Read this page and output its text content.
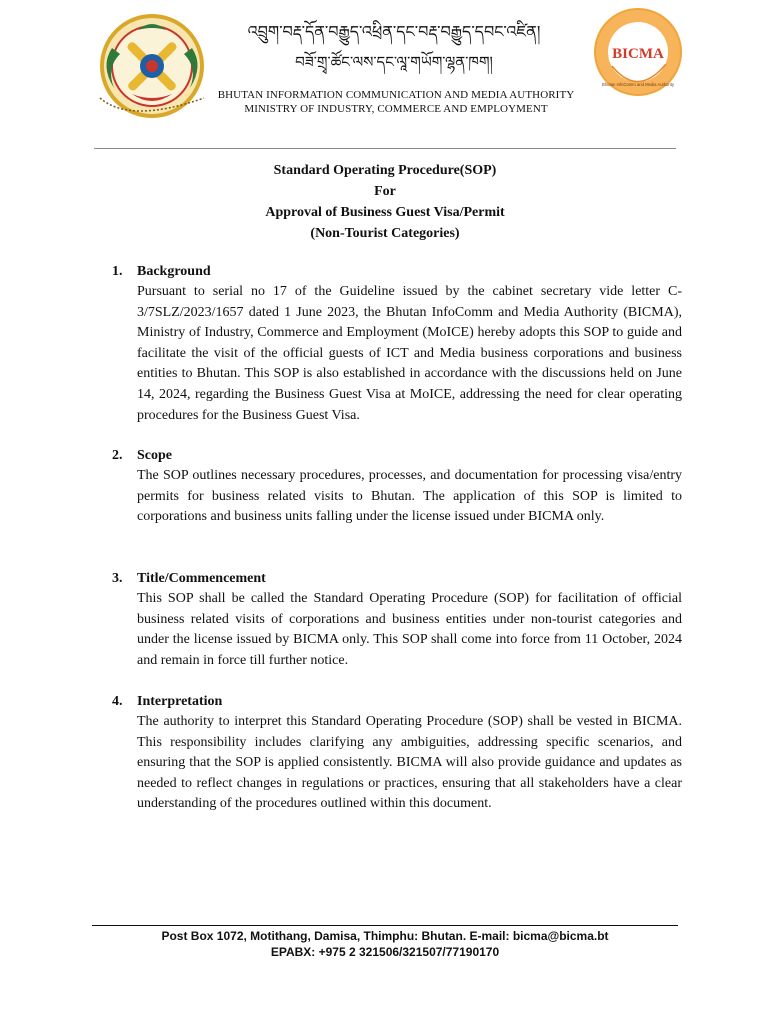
BICMA
Bhutan InfoComm and Media Authority
འབྲུག་བརྡ་དོན་བརྒྱུད་འཕྲིན་དང་བརྡ་བརྒྱུད་དབང་འཛིན།
བཟོ་གྲྭ་ཚོང་ལས་དང་ལཱ་གཡོག་ལྷན་ཁག།
BHUTAN INFORMATION COMMUNICATION AND MEDIA AUTHORITY
MINISTRY OF INDUSTRY, COMMERCE AND EMPLOYMENT
Standard Operating Procedure(SOP)
For
Approval of Business Guest Visa/Permit
(Non-Tourist Categories)
1.	Background
Pursuant to serial no 17 of the Guideline issued by the cabinet secretary vide letter C-3/7SLZ/2023/1657 dated 1 June 2023, the Bhutan InfoComm and Media Authority (BICMA), Ministry of Industry, Commerce and Employment (MoICE) hereby adopts this SOP to guide and facilitate the visit of the official guests of ICT and Media business corporations and business entities to Bhutan. This SOP is also established in accordance with the discussions held on June 14, 2024, regarding the Business Guest Visa at MoICE, addressing the need for clear operating procedures for the Business Guest Visa.
2.	Scope
The SOP outlines necessary procedures, processes, and documentation for processing visa/entry permits for business related visits to Bhutan. The application of this SOP is limited to corporations and business units falling under the license issued under BICMA only.
3.	Title/Commencement
This SOP shall be called the Standard Operating Procedure (SOP) for facilitation of official business related visits of corporations and business entities under non-tourist categories and under the license issued by BICMA only. This SOP shall come into force from 11 October, 2024 and remain in force till further notice.
4.	Interpretation
The authority to interpret this Standard Operating Procedure (SOP) shall be vested in BICMA. This responsibility includes clarifying any ambiguities, addressing specific scenarios, and ensuring that the SOP is applied consistently. BICMA will also provide guidance and updates as needed to reflect changes in regulations or practices, ensuring that all stakeholders have a clear understanding of the procedures outlined within this document.
Post Box 1072, Motithang, Damisa, Thimphu: Bhutan. E-mail: bicma@bicma.bt
EPABX: +975 2 321506/321507/77190170
